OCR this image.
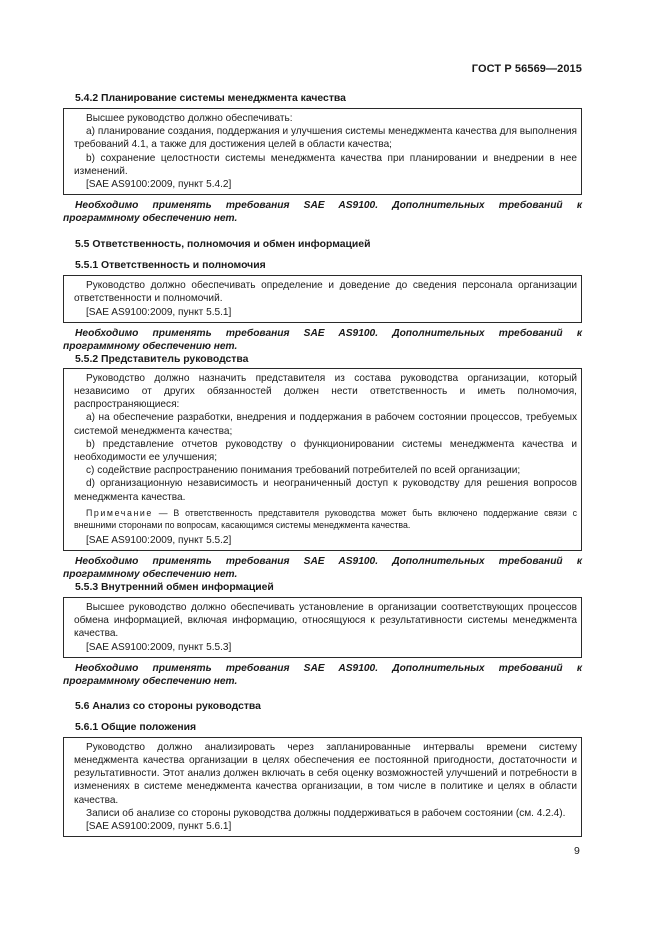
ГОСТ Р 56569—2015
5.4.2 Планирование системы менеджмента качества

Высшее руководство должно обеспечивать:

а) планирование создания, поддержания и улучшения системы менеджмента качества для выполнения требований 4.1, а также для достижения целей в области качества;

b) сохранение целостности системы менеджмента качества при планировании и внедрении в нее изменений.

[SAE AS9100:2009, пункт 5.4.2]

Необходимо применять требования SAE AS9100. Дополнительных требований к программному обеспечению нет.

5.5 Ответственность, полномочия и обмен информацией
5.5.1 Ответственность и полномочия

Руководство должно обеспечивать определение и доведение до сведения персонала организации ответственности и полномочий.

[SAE AS9100:2009, пункт 5.5.1]

Необходимо применять требования SAE AS9100. Дополнительных требований к программному обеспечению нет.

5.5.2 Представитель руководства

Руководство должно назначить представителя из состава руководства организации, который независимо от других обязанностей должен нести ответственность и иметь полномочия, распространяющиеся:

а) на обеспечение разработки, внедрения и поддержания в рабочем состоянии процессов, требуемых системой менеджмента качества;

b) представление отчетов руководству о функционировании системы менеджмента качества и необходимости ее улучшения;

c) содействие распространению понимания требований потребителей по всей организации;

d) организационную независимость и неограниченный доступ к руководству для решения вопросов менеджмента качества.

Примечание — В ответственность представителя руководства может быть включено поддержание связи с внешними сторонами по вопросам, касающимся системы менеджмента качества.

[SAE AS9100:2009, пункт 5.5.2]

Необходимо применять требования SAE AS9100. Дополнительных требований к программному обеспечению нет.

5.5.3 Внутренний обмен информацией

Высшее руководство должно обеспечивать установление в организации соответствующих процессов обмена информацией, включая информацию, относящуюся к результативности системы менеджмента качества.

[SAE AS9100:2009, пункт 5.5.3]

Необходимо применять требования SAE AS9100. Дополнительных требований к программному обеспечению нет.

5.6 Анализ со стороны руководства
5.6.1 Общие положения

Руководство должно анализировать через запланированные интервалы времени систему менеджмента качества организации в целях обеспечения ее постоянной пригодности, достаточности и результативности. Этот анализ должен включать в себя оценку возможностей улучшений и потребности в изменениях в системе менеджмента качества организации, в том числе в политике и целях в области качества.

Записи об анализе со стороны руководства должны поддерживаться в рабочем состоянии (см. 4.2.4).

[SAE AS9100:2009, пункт 5.6.1]

9
